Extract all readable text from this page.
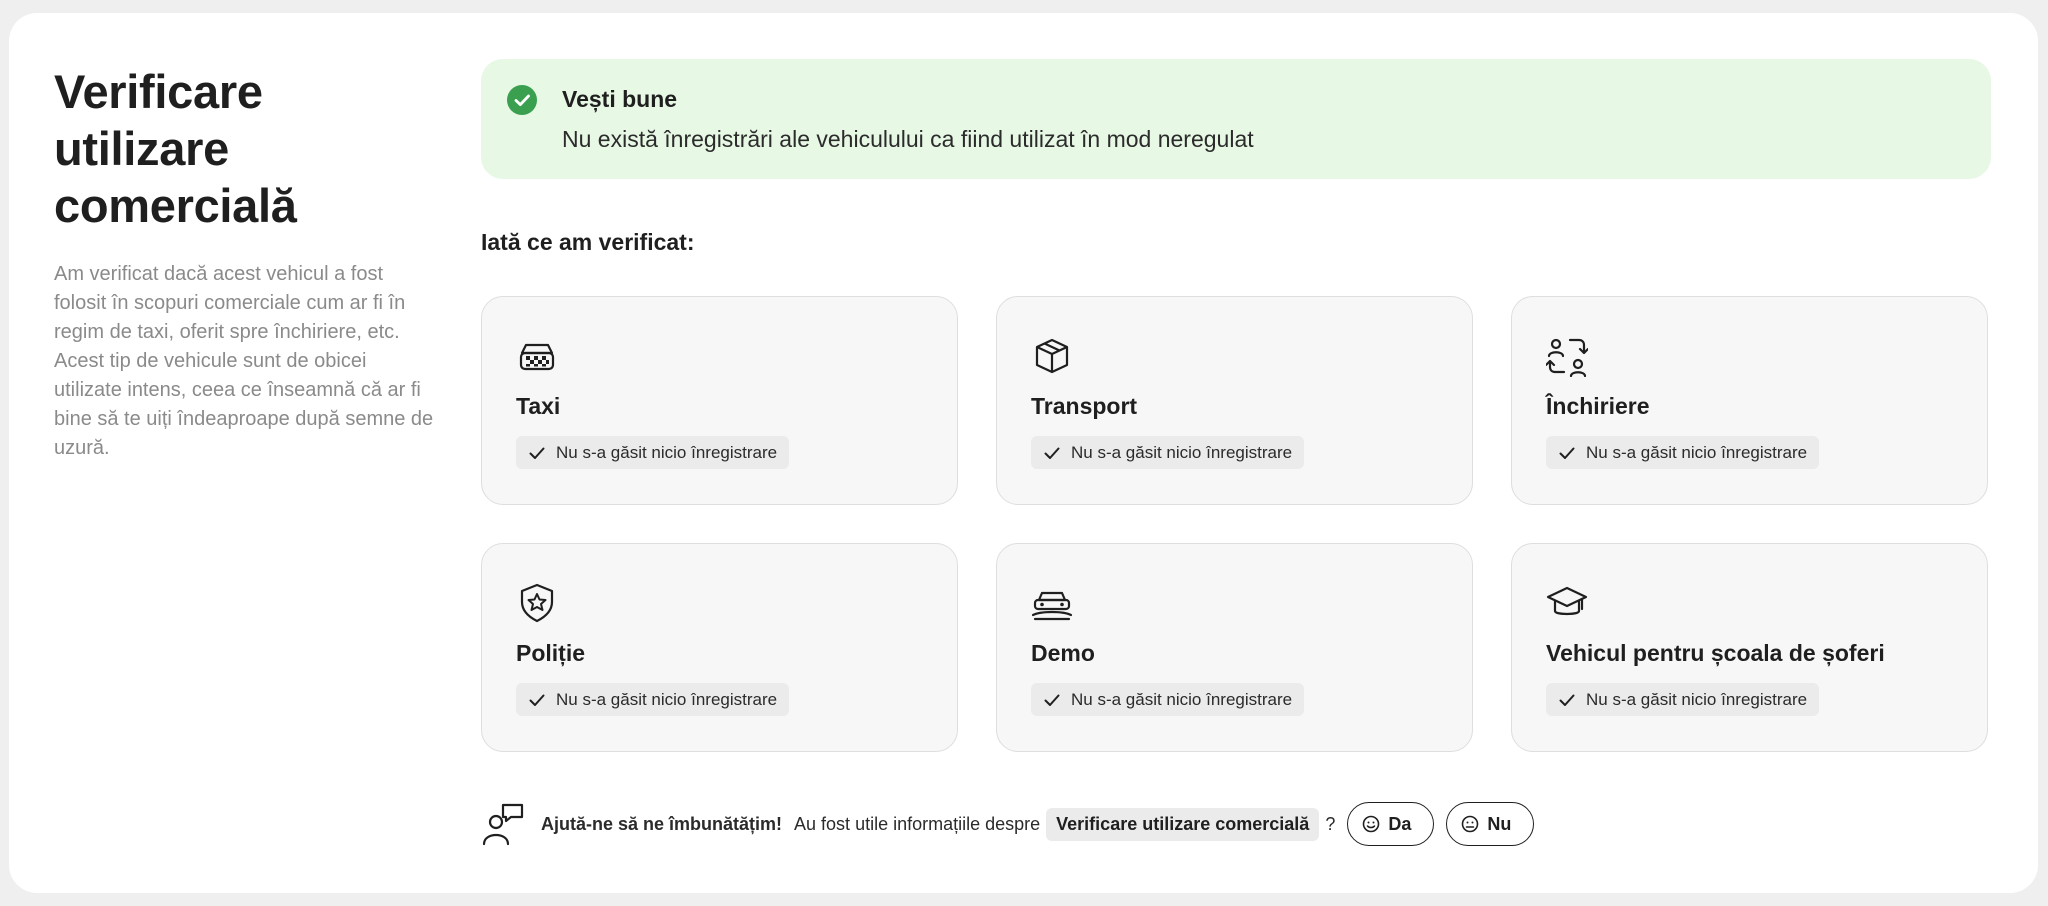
Verificare
utilizare
comercială
Am verificat dacă acest vehicul a fost folosit în scopuri comerciale cum ar fi în regim de taxi, oferit spre închiriere, etc. Acest tip de vehicule sunt de obicei utilizate intens, ceea ce înseamnă că ar fi bine să te uiți îndeaproape după semne de uzură.
Vești bune
Nu există înregistrări ale vehiculului ca fiind utilizat în mod neregulat
Iată ce am verificat:
Taxi
Nu s-a găsit nicio înregistrare
Transport
Nu s-a găsit nicio înregistrare
Închiriere
Nu s-a găsit nicio înregistrare
Poliție
Nu s-a găsit nicio înregistrare
Demo
Nu s-a găsit nicio înregistrare
Vehicul pentru școala de șoferi
Nu s-a găsit nicio înregistrare
Ajută-ne să ne îmbunătățim! Au fost utile informațiile despre Verificare utilizare comercială ?	Da	Nu
